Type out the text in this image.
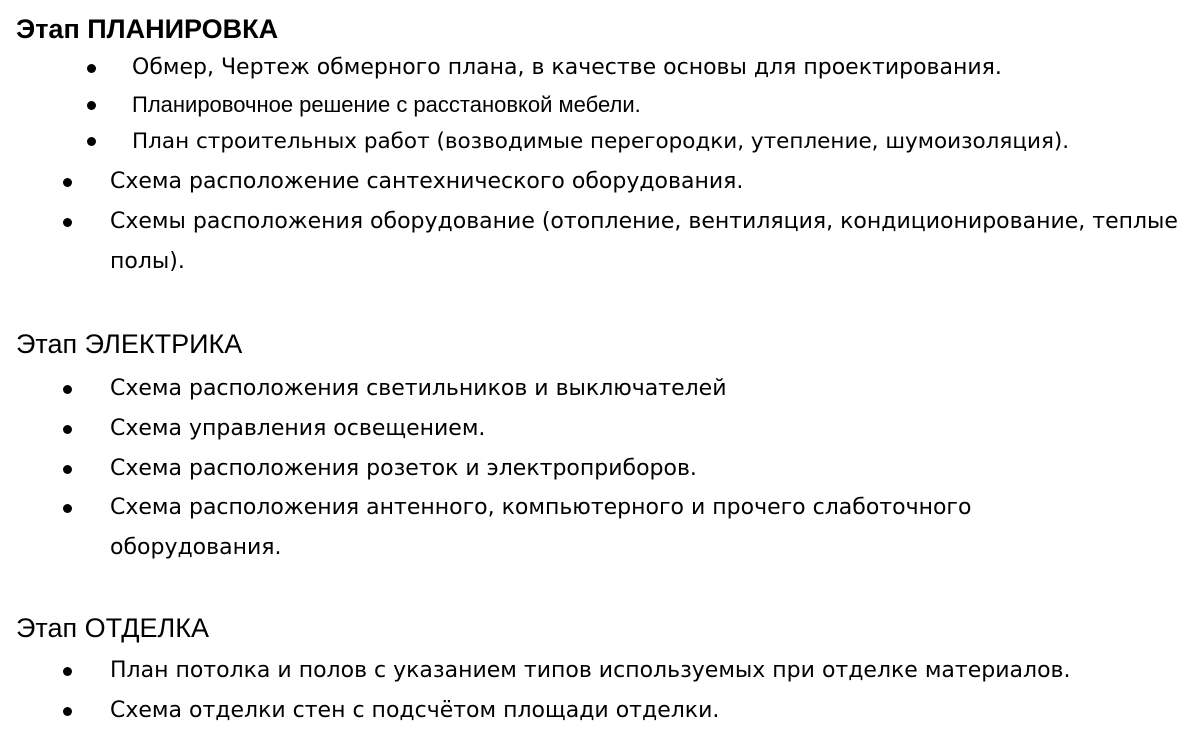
Этап ПЛАНИРОВКА

Обмер, Чертеж обмерного плана, в качестве основы для проектирования.

Планировочное решение с расстановкой мебели.

План строительных работ (возводимые перегородки, утепление, шумоизоляция).

Схема расположение сантехнического оборудования.

Схемы расположения оборудование (отопление, вентиляция, кондиционирование, теплые полы).

Этап ЭЛЕКТРИКА

Схема расположения светильников и выключателей

Схема управления освещением.

Схема расположения розеток и электроприборов.

Схема расположения антенного, компьютерного и прочего слаботочного оборудования.

Этап ОТДЕЛКА

План потолка и полов с указанием типов используемых при отделке материалов.

Схема отделки стен с подсчётом площади отделки.
